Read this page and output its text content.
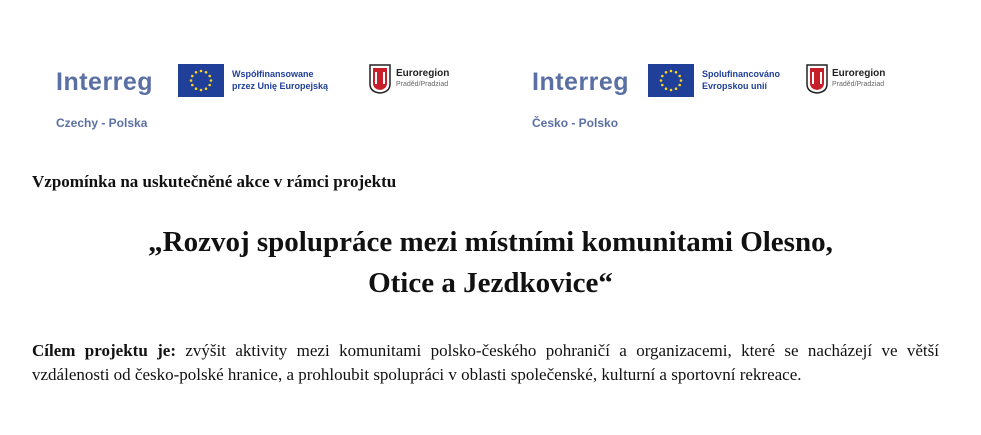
Interreg
Czechy - Polska
Współfinansowane
przez Unię Europejską
Euroregion
Praděd/Pradziad	Interreg
Česko - Polsko
Spolufinancováno
Evropskou unií
Euroregion
Praděd/Pradziad
Vzpomínka na uskutečněné akce v rámci projektu
„Rozvoj spolupráce mezi místními komunitami Olesno,
Otice a Jezdkovice“
Cílem projektu je: zvýšit aktivity mezi komunitami polsko-českého pohraničí a organizacemi, které se nacházejí ve větší vzdálenosti od česko-polské hranice, a prohloubit spolupráci v oblasti společenské, kulturní a sportovní rekreace.
